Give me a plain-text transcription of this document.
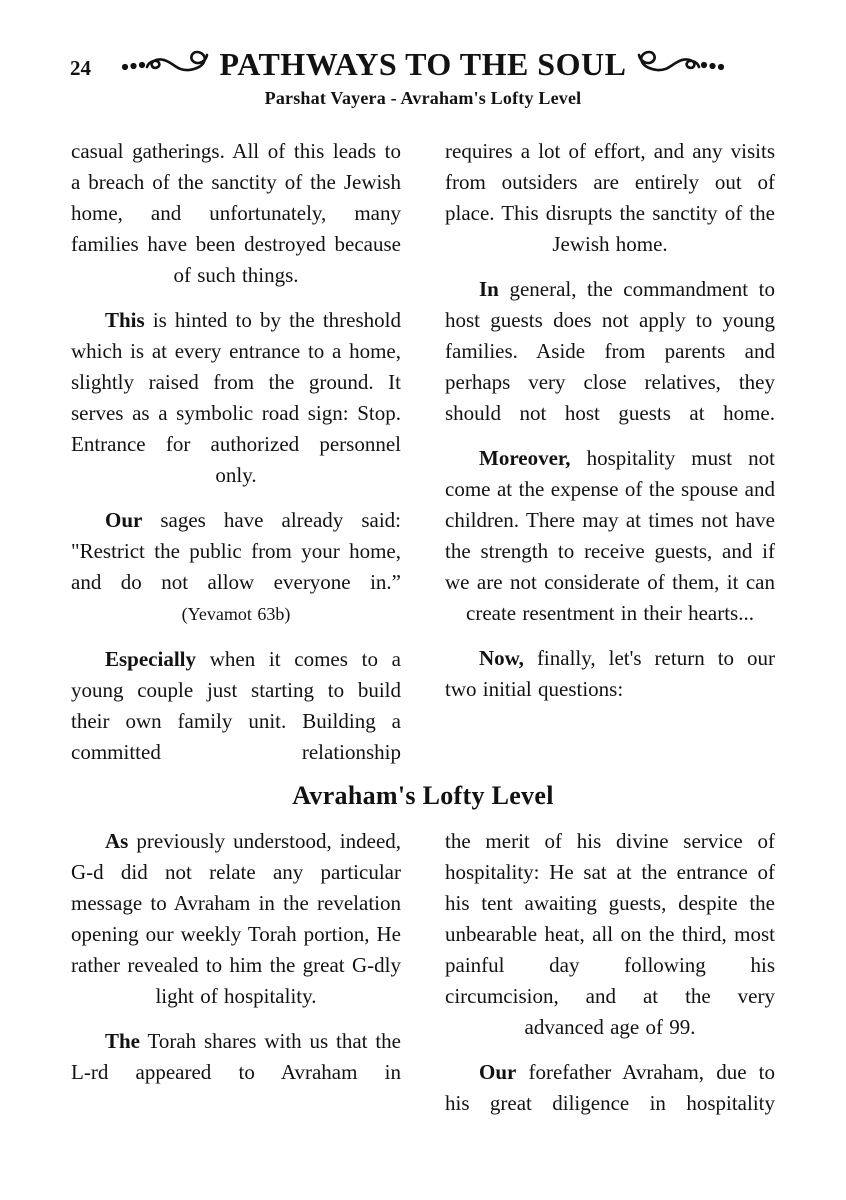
24	PATHWAYS TO THE SOUL
Parshat Vayera - Avraham's Lofty Level

casual gatherings. All of this leads to a breach of the sanctity of the Jewish home, and unfortunately, many families have been destroyed because of such things.

This is hinted to by the threshold which is at every entrance to a home, slightly raised from the ground. It serves as a symbolic road sign: Stop. Entrance for authorized personnel only.

Our sages have already said: "Restrict the public from your home, and do not allow everyone in.” (Yevamot 63b)

Especially when it comes to a young couple just starting to build their own family unit. Building a committed relationship

requires a lot of effort, and any visits from outsiders are entirely out of place. This disrupts the sanctity of the Jewish home.

In general, the commandment to host guests does not apply to young families. Aside from parents and perhaps very close relatives, they should not host guests at home.

Moreover, hospitality must not come at the expense of the spouse and children. There may at times not have the strength to receive guests, and if we are not considerate of them, it can create resentment in their hearts...

Now, finally, let's return to our two initial questions:

Avraham's Lofty Level

As previously understood, indeed, G-d did not relate any particular message to Avraham in the revelation opening our weekly Torah portion, He rather revealed to him the great G-dly light of hospitality.

The Torah shares with us that the L-rd appeared to Avraham in

the merit of his divine service of hospitality: He sat at the entrance of his tent awaiting guests, despite the unbearable heat, all on the third, most painful day following his circumcision, and at the very advanced age of 99.

Our forefather Avraham, due to his great diligence in hospitality
